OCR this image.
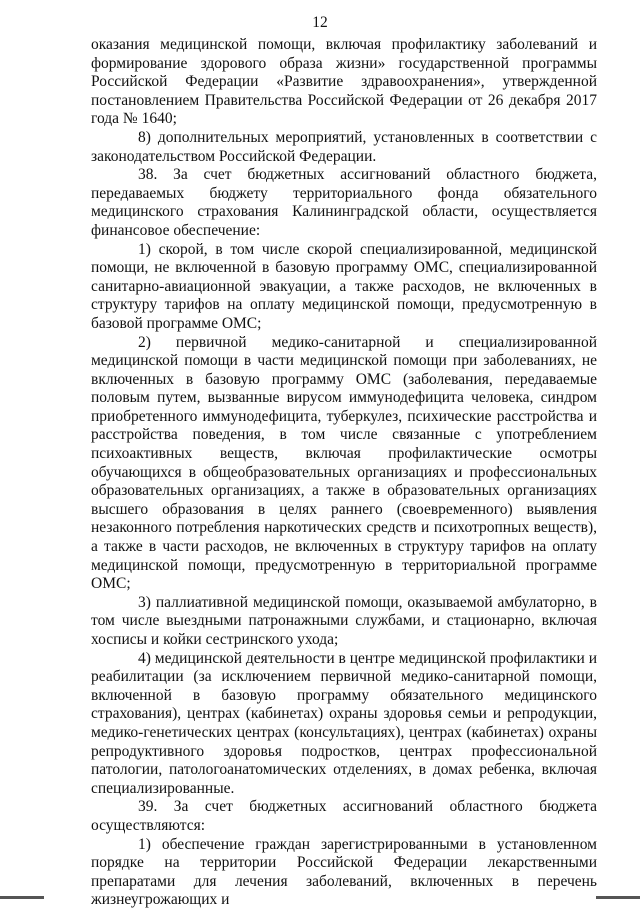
12

оказания медицинской помощи, включая профилактику заболеваний и формирование здорового образа жизни» государственной программы Российской Федерации «Развитие здравоохранения», утвержденной постановлением Правительства Российской Федерации от 26 декабря 2017 года № 1640;

8) дополнительных мероприятий, установленных в соответствии с законодательством Российской Федерации.

38. За счет бюджетных ассигнований областного бюджета, передаваемых бюджету территориального фонда обязательного медицинского страхования Калининградской области, осуществляется финансовое обеспечение:

1) скорой, в том числе скорой специализированной, медицинской помощи, не включенной в базовую программу ОМС, специализированной санитарно-авиационной эвакуации, а также расходов, не включенных в структуру тарифов на оплату медицинской помощи, предусмотренную в базовой программе ОМС;

2) первичной медико-санитарной и специализированной медицинской помощи в части медицинской помощи при заболеваниях, не включенных в базовую программу ОМС (заболевания, передаваемые половым путем, вызванные вирусом иммунодефицита человека, синдром приобретенного иммунодефицита, туберкулез, психические расстройства и расстройства поведения, в том числе связанные с употреблением психоактивных веществ, включая профилактические осмотры обучающихся в общеобразовательных организациях и профессиональных образовательных организациях, а также в образовательных организациях высшего образования в целях раннего (своевременного) выявления незаконного потребления наркотических средств и психотропных веществ), а также в части расходов, не включенных в структуру тарифов на оплату медицинской помощи, предусмотренную в территориальной программе ОМС;

3) паллиативной медицинской помощи, оказываемой амбулаторно, в том числе выездными патронажными службами, и стационарно, включая хосписы и койки сестринского ухода;

4) медицинской деятельности в центре медицинской профилактики и реабилитации (за исключением первичной медико-санитарной помощи, включенной в базовую программу обязательного медицинского страхования), центрах (кабинетах) охраны здоровья семьи и репродукции, медико-генетических центрах (консультациях), центрах (кабинетах) охраны репродуктивного здоровья подростков, центрах профессиональной патологии, патологоанатомических отделениях, в домах ребенка, включая специализированные.

39. За счет бюджетных ассигнований областного бюджета осуществляются:

1) обеспечение граждан зарегистрированными в установленном порядке на территории Российской Федерации лекарственными препаратами для лечения заболеваний, включенных в перечень жизнеугрожающих и
